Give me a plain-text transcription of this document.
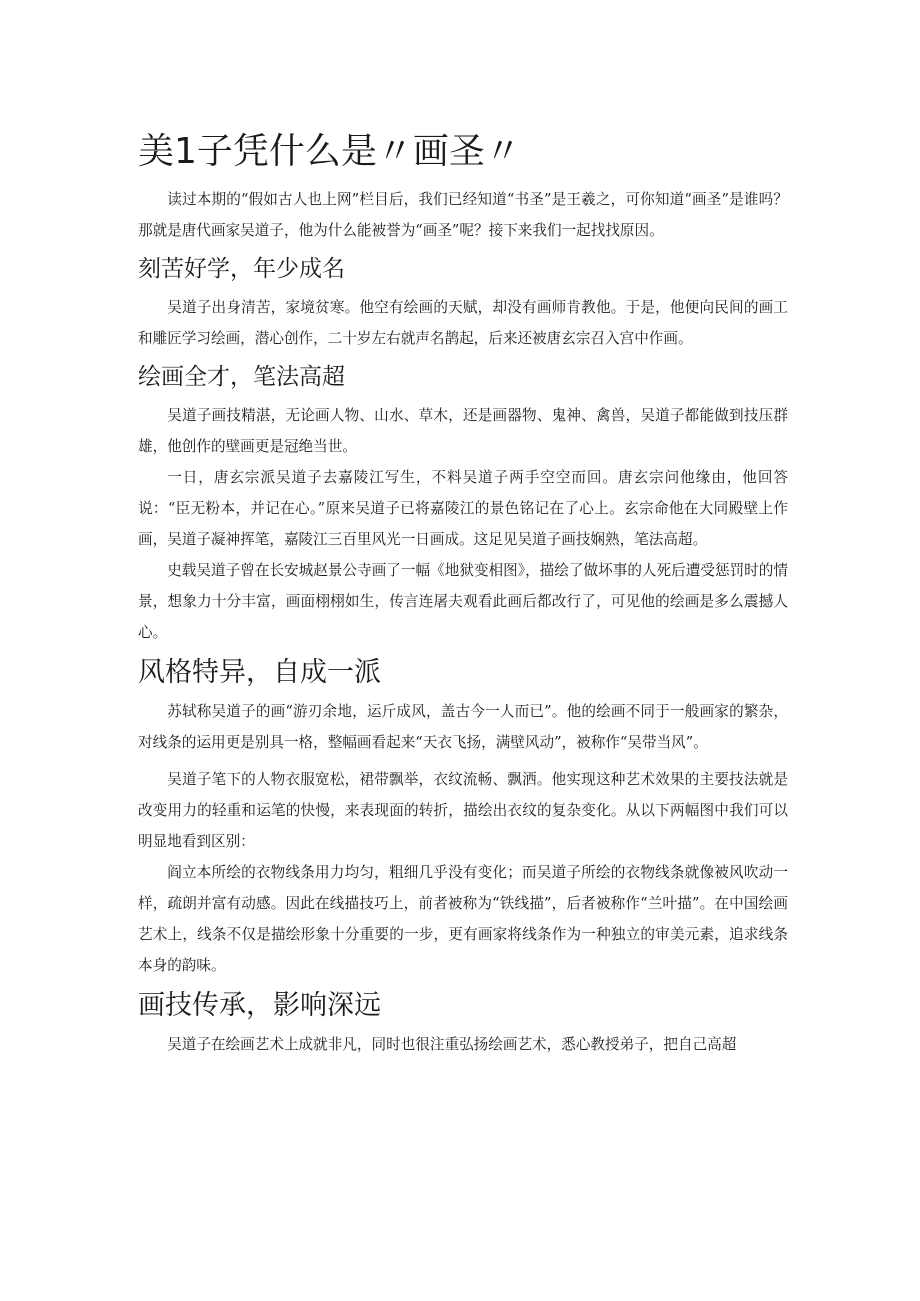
美1子凭什么是〃画圣〃

读过本期的“假如古人也上网”栏目后，我们已经知道“书圣”是王羲之，可你知道“画圣”是谁吗？那就是唐代画家吴道子，他为什么能被誉为“画圣”呢？接下来我们一起找找原因。

刻苦好学，年少成名

吴道子出身清苦，家境贫寒。他空有绘画的天赋，却没有画师肯教他。于是，他便向民间的画工和雕匠学习绘画，潜心创作，二十岁左右就声名鹊起，后来还被唐玄宗召入宫中作画。

绘画全才，笔法高超

吴道子画技精湛，无论画人物、山水、草木，还是画器物、鬼神、禽兽，吴道子都能做到技压群雄，他创作的壁画更是冠绝当世。

一日，唐玄宗派吴道子去嘉陵江写生，不料吴道子两手空空而回。唐玄宗问他缘由，他回答说：“臣无粉本，并记在心。”原来吴道子已将嘉陵江的景色铭记在了心上。玄宗命他在大同殿壁上作画，吴道子凝神挥笔，嘉陵江三百里风光一日画成。这足见吴道子画技娴熟，笔法高超。

史载吴道子曾在长安城赵景公寺画了一幅《地狱变相图》，描绘了做坏事的人死后遭受惩罚时的情景，想象力十分丰富，画面栩栩如生，传言连屠夫观看此画后都改行了，可见他的绘画是多么震撼人心。

风格特异，自成一派

苏轼称吴道子的画“游刃余地，运斤成风，盖古今一人而已”。他的绘画不同于一般画家的繁杂，对线条的运用更是别具一格，整幅画看起来“天衣飞扬，满壁风动”，被称作“吴带当风”。

吴道子笔下的人物衣服宽松，裙带飘举，衣纹流畅、飘洒。他实现这种艺术效果的主要技法就是改变用力的轻重和运笔的快慢，来表现面的转折，描绘出衣纹的复杂变化。从以下两幅图中我们可以明显地看到区别：

阎立本所绘的衣物线条用力均匀，粗细几乎没有变化；而吴道子所绘的衣物线条就像被风吹动一样，疏朗并富有动感。因此在线描技巧上，前者被称为“铁线描”，后者被称作“兰叶描”。在中国绘画艺术上，线条不仅是描绘形象十分重要的一步，更有画家将线条作为一种独立的审美元素，追求线条本身的韵味。

画技传承，影响深远

吴道子在绘画艺术上成就非凡，同时也很注重弘扬绘画艺术，悉心教授弟子，把自己高超
